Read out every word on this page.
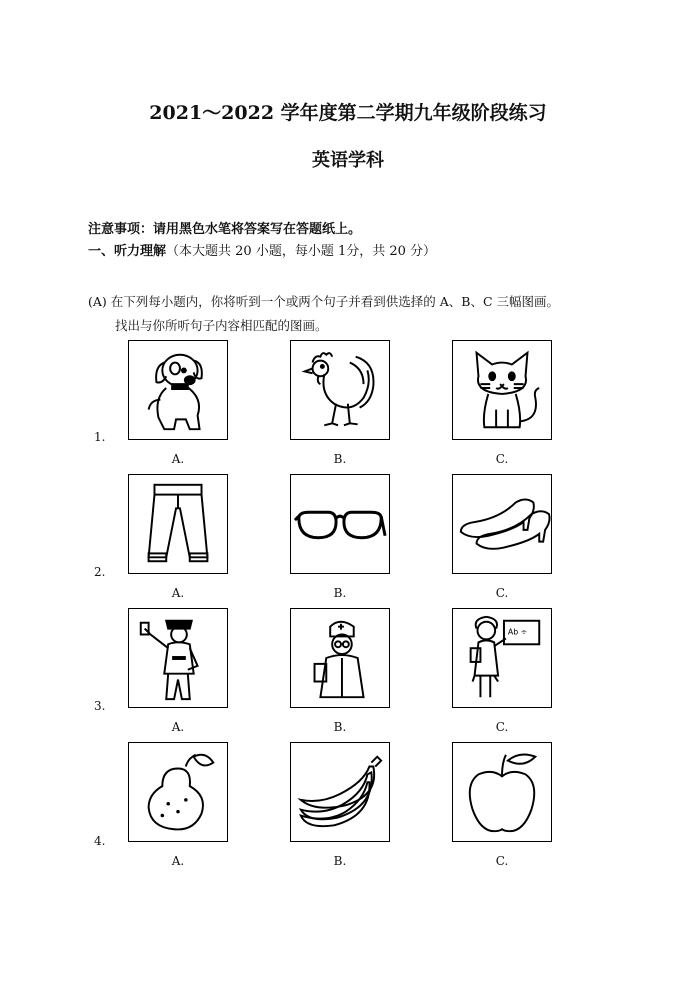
2021～2022 学年度第二学期九年级阶段练习
英语学科
注意事项：请用黑色水笔将答案写在答题纸上。
一、听力理解（本大题共 20 小题，每小题 1分，共 20 分）
(A) 在下列每小题内，你将听到一个或两个句子并看到供选择的 A、B、C 三幅图画。
找出与你所听句子内容相匹配的图画。
1.
A.	B.	C.
2.
A.	B.	C.
3.
A.	B.
Ab ÷
C.
4.
A.	B.	C.
